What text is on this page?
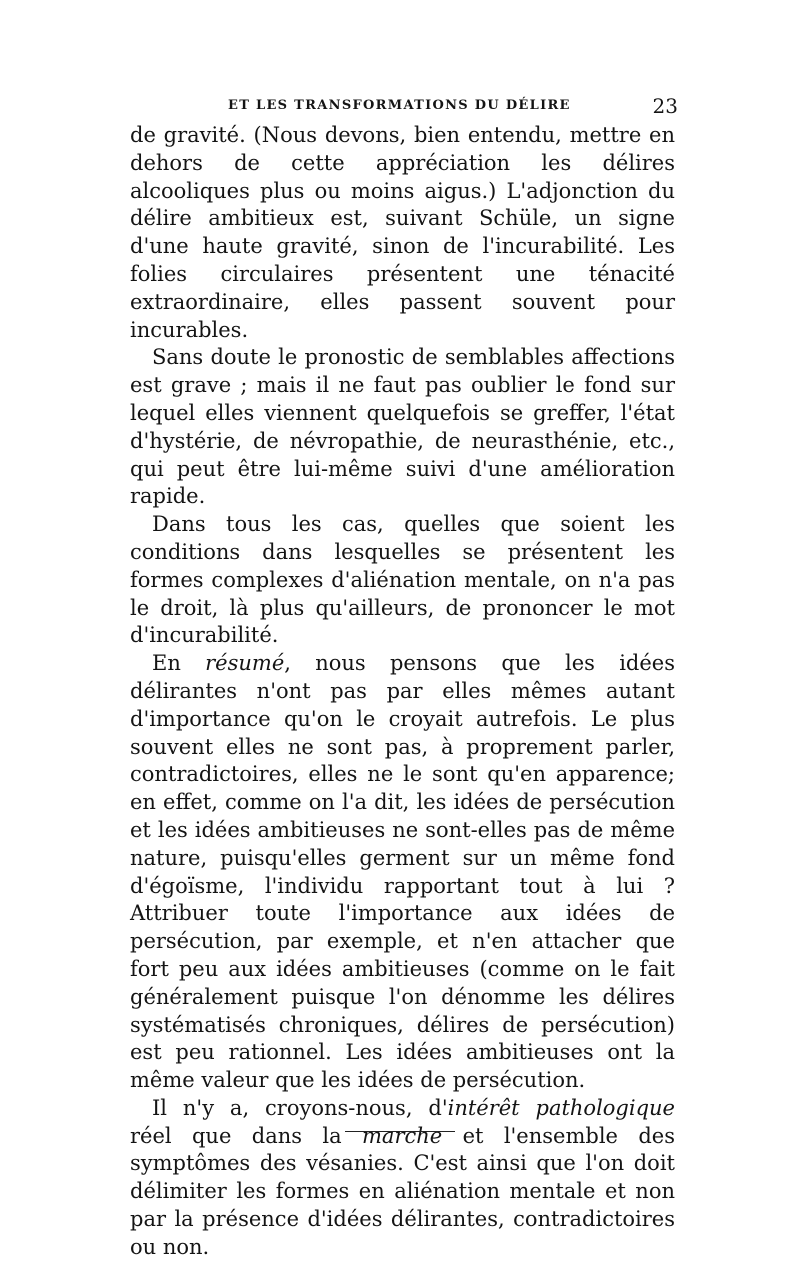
ET LES TRANSFORMATIONS DU DÉLIRE	23

de gravité. (Nous devons, bien entendu, mettre en dehors de cette appréciation les délires alcooliques plus ou moins aigus.) L'adjonction du délire ambitieux est, suivant Schüle, un signe d'une haute gravité, sinon de l'incurabilité. Les folies circulaires présentent une ténacité extraordinaire, elles passent souvent pour incurables.

Sans doute le pronostic de semblables affections est grave ; mais il ne faut pas oublier le fond sur lequel elles viennent quelquefois se greffer, l'état d'hystérie, de névropathie, de neurasthénie, etc., qui peut être lui-même suivi d'une amélioration rapide.

Dans tous les cas, quelles que soient les conditions dans lesquelles se présentent les formes complexes d'aliénation mentale, on n'a pas le droit, là plus qu'ailleurs, de prononcer le mot d'incurabilité.

En résumé, nous pensons que les idées délirantes n'ont pas par elles mêmes autant d'importance qu'on le croyait autrefois. Le plus souvent elles ne sont pas, à proprement parler, contradictoires, elles ne le sont qu'en apparence; en effet, comme on l'a dit, les idées de persécution et les idées ambitieuses ne sont-elles pas de même nature, puisqu'elles germent sur un même fond d'égoïsme, l'individu rapportant tout à lui ? Attribuer toute l'importance aux idées de persécution, par exemple, et n'en attacher que fort peu aux idées ambitieuses (comme on le fait généralement puisque l'on dénomme les délires systématisés chroniques, délires de persécution) est peu rationnel. Les idées ambitieuses ont la même valeur que les idées de persécution.

Il n'y a, croyons-nous, d'intérêt pathologique réel que dans la marche et l'ensemble des symptômes des vésanies. C'est ainsi que l'on doit délimiter les formes en aliénation mentale et non par la présence d'idées délirantes, contradictoires ou non.
